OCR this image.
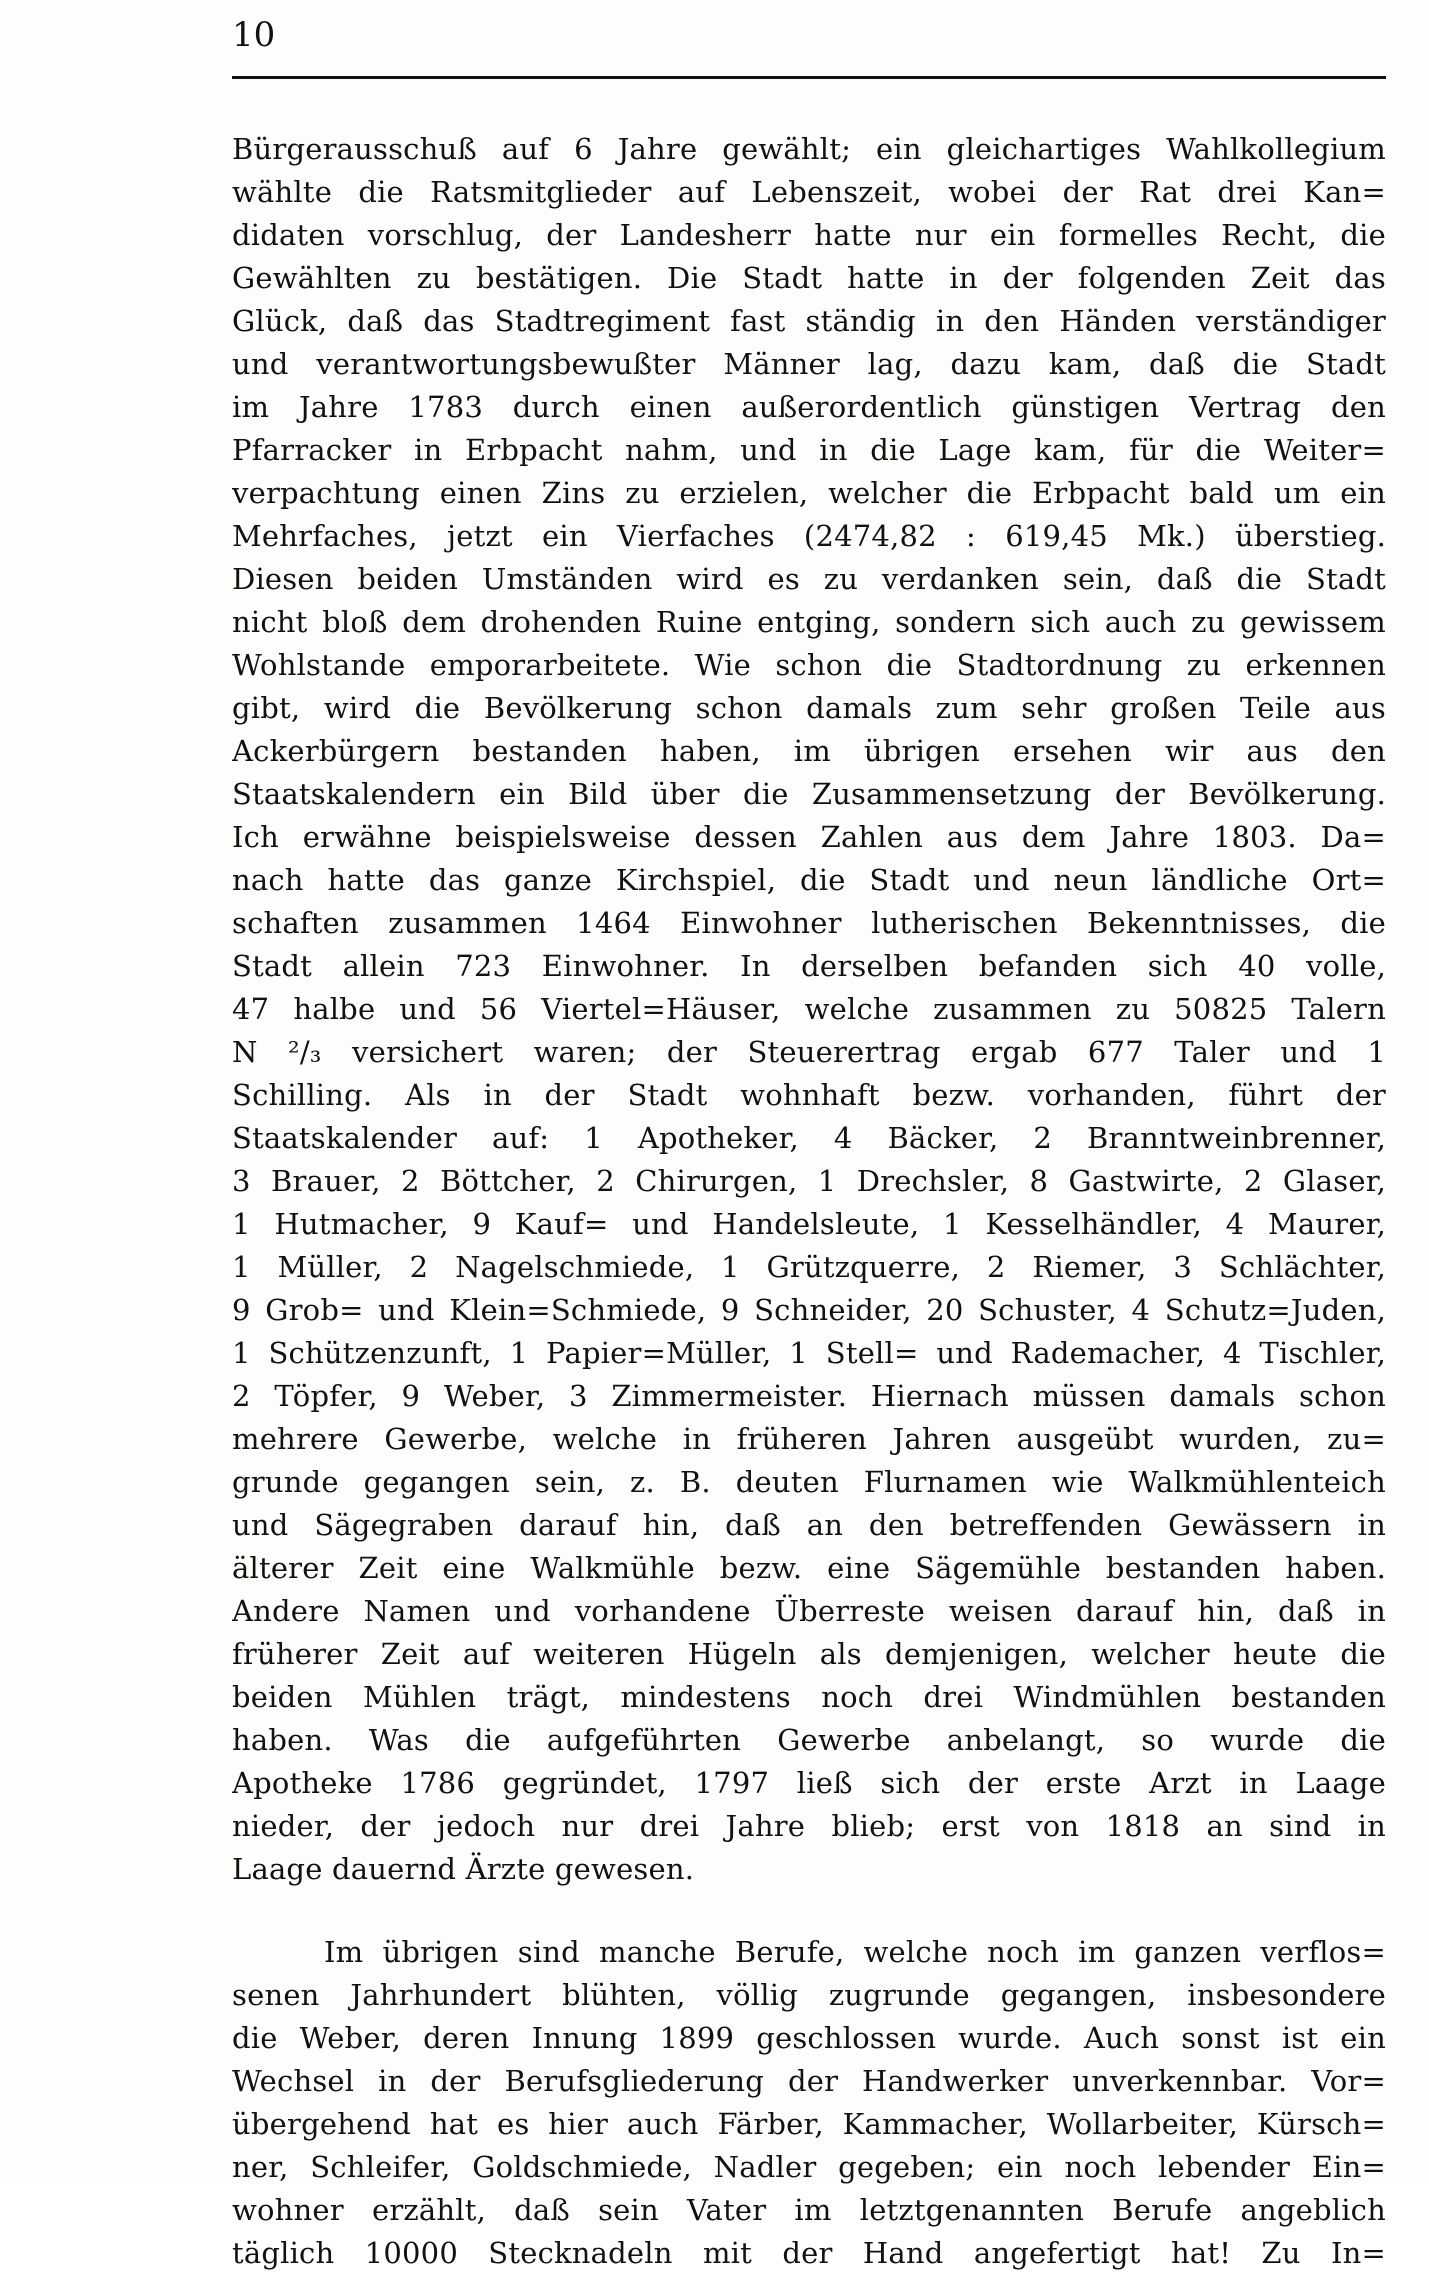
10
Bürgerausschuß auf 6 Jahre gewählt; ein gleichartiges Wahlkollegium
wählte die Ratsmitglieder auf Lebenszeit, wobei der Rat drei Kan=
didaten vorschlug, der Landesherr hatte nur ein formelles Recht, die
Gewählten zu bestätigen. Die Stadt hatte in der folgenden Zeit das
Glück, daß das Stadtregiment fast ständig in den Händen verständiger
und verantwortungsbewußter Männer lag, dazu kam, daß die Stadt
im Jahre 1783 durch einen außerordentlich günstigen Vertrag den
Pfarracker in Erbpacht nahm, und in die Lage kam, für die Weiter=
verpachtung einen Zins zu erzielen, welcher die Erbpacht bald um ein
Mehrfaches, jetzt ein Vierfaches (2474,82 : 619,45 Mk.) überstieg.
Diesen beiden Umständen wird es zu verdanken sein, daß die Stadt
nicht bloß dem drohenden Ruine entging, sondern sich auch zu gewissem
Wohlstande emporarbeitete. Wie schon die Stadtordnung zu erkennen
gibt, wird die Bevölkerung schon damals zum sehr großen Teile aus
Ackerbürgern bestanden haben, im übrigen ersehen wir aus den
Staatskalendern ein Bild über die Zusammensetzung der Bevölkerung.
Ich erwähne beispielsweise dessen Zahlen aus dem Jahre 1803. Da=
nach hatte das ganze Kirchspiel, die Stadt und neun ländliche Ort=
schaften zusammen 1464 Einwohner lutherischen Bekenntnisses, die
Stadt allein 723 Einwohner. In derselben befanden sich 40 volle,
47 halbe und 56 Viertel=Häuser, welche zusammen zu 50825 Talern
N ²/₃ versichert waren; der Steuerertrag ergab 677 Taler und 1
Schilling. Als in der Stadt wohnhaft bezw. vorhanden, führt der
Staatskalender auf: 1 Apotheker, 4 Bäcker, 2 Branntweinbrenner,
3 Brauer, 2 Böttcher, 2 Chirurgen, 1 Drechsler, 8 Gastwirte, 2 Glaser,
1 Hutmacher, 9 Kauf= und Handelsleute, 1 Kesselhändler, 4 Maurer,
1 Müller, 2 Nagelschmiede, 1 Grützquerre, 2 Riemer, 3 Schlächter,
9 Grob= und Klein=Schmiede, 9 Schneider, 20 Schuster, 4 Schutz=Juden,
1 Schützenzunft, 1 Papier=Müller, 1 Stell= und Rademacher, 4 Tischler,
2 Töpfer, 9 Weber, 3 Zimmermeister. Hiernach müssen damals schon
mehrere Gewerbe, welche in früheren Jahren ausgeübt wurden, zu=
grunde gegangen sein, z. B. deuten Flurnamen wie Walkmühlenteich
und Sägegraben darauf hin, daß an den betreffenden Gewässern in
älterer Zeit eine Walkmühle bezw. eine Sägemühle bestanden haben.
Andere Namen und vorhandene Überreste weisen darauf hin, daß in
früherer Zeit auf weiteren Hügeln als demjenigen, welcher heute die
beiden Mühlen trägt, mindestens noch drei Windmühlen bestanden
haben. Was die aufgeführten Gewerbe anbelangt, so wurde die
Apotheke 1786 gegründet, 1797 ließ sich der erste Arzt in Laage
nieder, der jedoch nur drei Jahre blieb; erst von 1818 an sind in
Laage dauernd Ärzte gewesen.
Im übrigen sind manche Berufe, welche noch im ganzen verflos=
senen Jahrhundert blühten, völlig zugrunde gegangen, insbesondere
die Weber, deren Innung 1899 geschlossen wurde. Auch sonst ist ein
Wechsel in der Berufsgliederung der Handwerker unverkennbar. Vor=
übergehend hat es hier auch Färber, Kammacher, Wollarbeiter, Kürsch=
ner, Schleifer, Goldschmiede, Nadler gegeben; ein noch lebender Ein=
wohner erzählt, daß sein Vater im letztgenannten Berufe angeblich
täglich 10000 Stecknadeln mit der Hand angefertigt hat! Zu In=
